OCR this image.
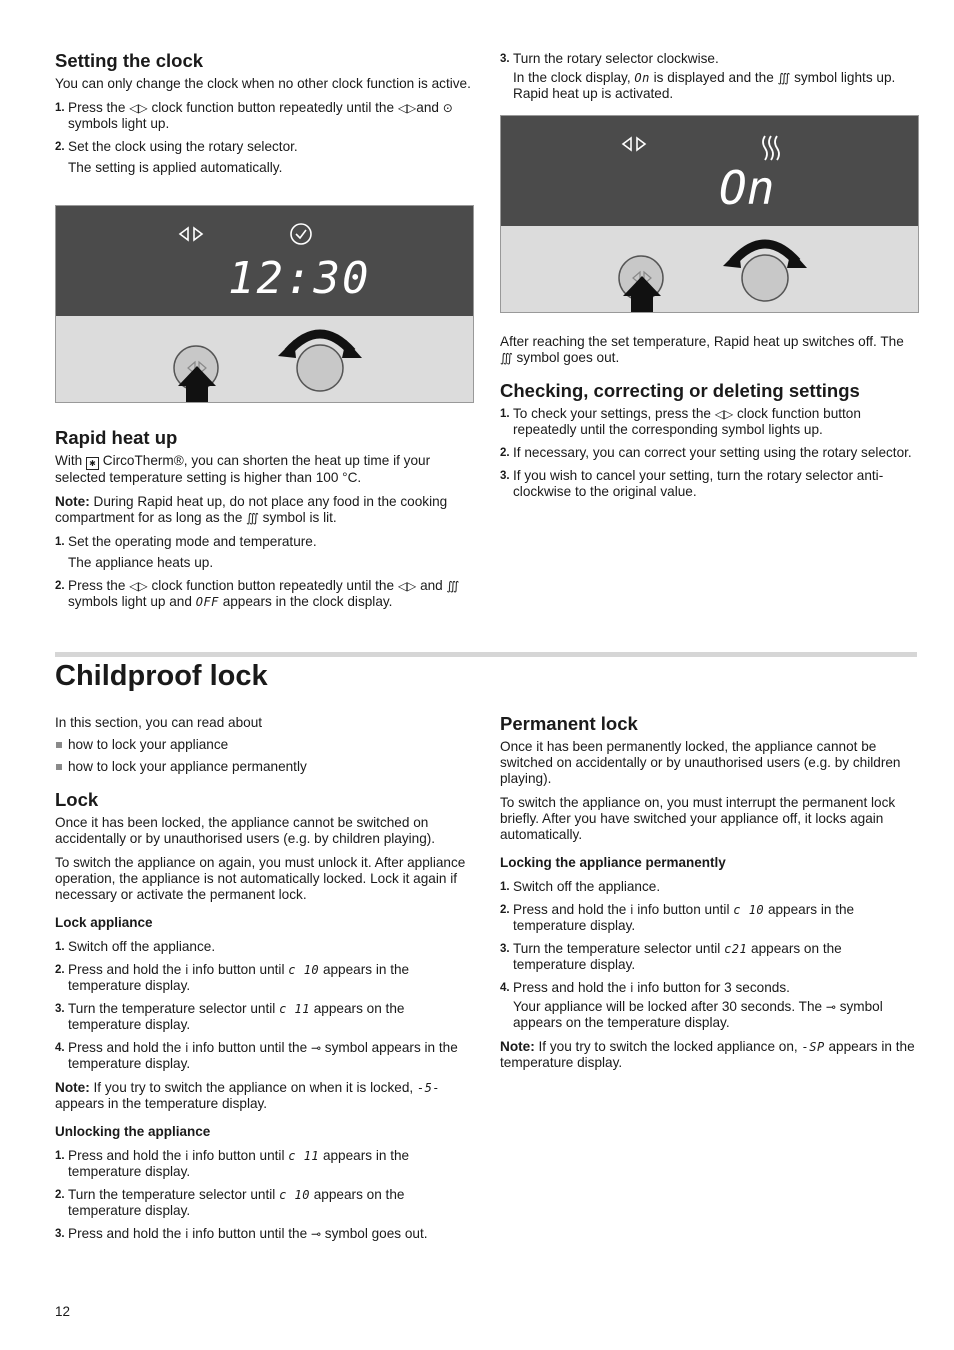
Setting the clock

You can only change the clock when no other clock function is active.

1. Press the ◁▷ clock function button repeatedly until the ◁▷and ⊙ symbols light up.
2. Set the clock using the rotary selector.
The setting is applied automatically.
12:30
Rapid heat up

With ✱ CircoTherm®, you can shorten the heat up time if your selected temperature setting is higher than 100 °C.

Note: During Rapid heat up, do not place any food in the cooking compartment for as long as the ∭ symbol is lit.

1. Set the operating mode and temperature.
The appliance heats up.
2. Press the ◁▷ clock function button repeatedly until the ◁▷ and ∭ symbols light up and OFF appears in the clock display.
3. Turn the rotary selector clockwise.
In the clock display, On is displayed and the ∭ symbol lights up. Rapid heat up is activated.
On

After reaching the set temperature, Rapid heat up switches off. The ∭ symbol goes out.

Checking, correcting or deleting settings
1. To check your settings, press the ◁▷ clock function button repeatedly until the corresponding symbol lights up.
2. If necessary, you can correct your setting using the rotary selector.
3. If you wish to cancel your setting, turn the rotary selector anti-clockwise to the original value.
Childproof lock

In this section, you can read about

how to lock your appliance
how to lock your appliance permanently
Lock

Once it has been locked, the appliance cannot be switched on accidentally or by unauthorised users (e.g. by children playing).

To switch the appliance on again, you must unlock it. After appliance operation, the appliance is not automatically locked. Lock it again if necessary or activate the permanent lock.

Lock appliance
1. Switch off the appliance.
2. Press and hold the i info button until c 10 appears in the temperature display.
3. Turn the temperature selector until c 11 appears on the temperature display.
4. Press and hold the i info button until the ⊸ symbol appears in the temperature display.

Note: If you try to switch the appliance on when it is locked, -5- appears in the temperature display.

Unlocking the appliance
1. Press and hold the i info button until c 11 appears in the temperature display.
2. Turn the temperature selector until c 10 appears on the temperature display.
3. Press and hold the i info button until the ⊸ symbol goes out.
Permanent lock

Once it has been permanently locked, the appliance cannot be switched on accidentally or by unauthorised users (e.g. by children playing).

To switch the appliance on, you must interrupt the permanent lock briefly. After you have switched your appliance off, it locks again automatically.

Locking the appliance permanently
1. Switch off the appliance.
2. Press and hold the i info button until c 10 appears in the temperature display.
3. Turn the temperature selector until c21 appears on the temperature display.
4. Press and hold the i info button for 3 seconds.
Your appliance will be locked after 30 seconds. The ⊸ symbol appears on the temperature display.

Note: If you try to switch the locked appliance on, -SP appears in the temperature display.

12
